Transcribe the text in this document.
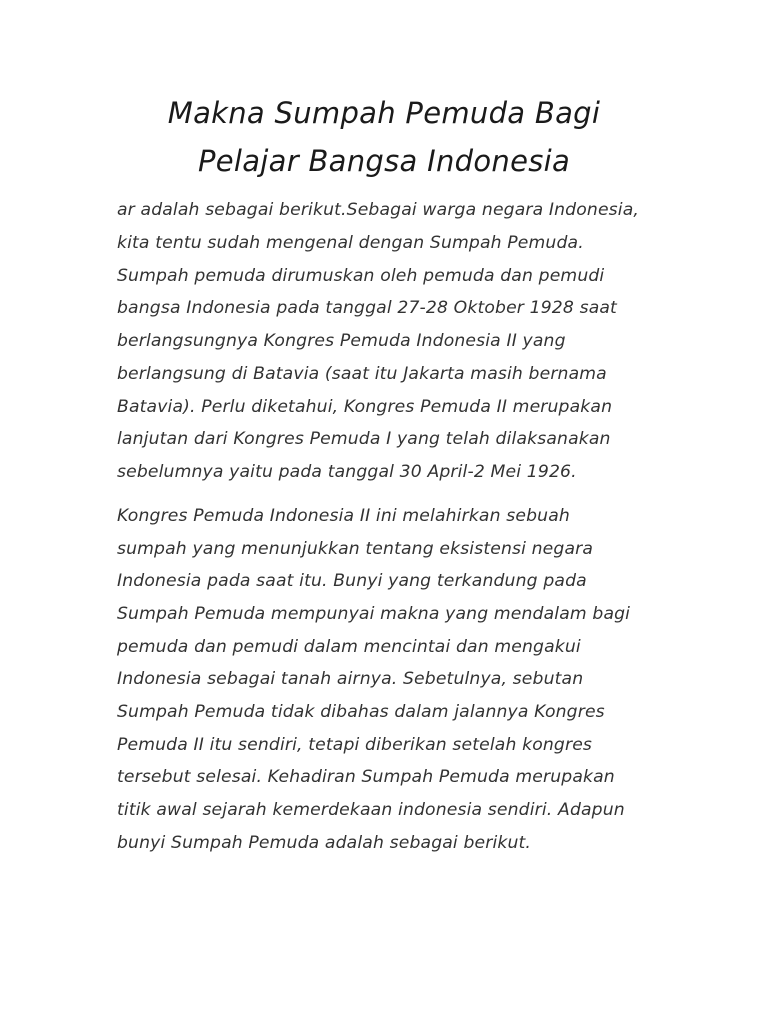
Makna Sumpah Pemuda Bagi
Pelajar Bangsa Indonesia
ar adalah sebagai berikut.Sebagai warga negara Indonesia,
kita tentu sudah mengenal dengan Sumpah Pemuda.
Sumpah pemuda dirumuskan oleh pemuda dan pemudi
bangsa Indonesia pada tanggal 27-28 Oktober 1928 saat
berlangsungnya Kongres Pemuda Indonesia II yang
berlangsung di Batavia (saat itu Jakarta masih bernama
Batavia). Perlu diketahui, Kongres Pemuda II merupakan
lanjutan dari Kongres Pemuda I yang telah dilaksanakan
sebelumnya yaitu pada tanggal 30 April-2 Mei 1926.
Kongres Pemuda Indonesia II ini melahirkan sebuah
sumpah yang menunjukkan tentang eksistensi negara
Indonesia pada saat itu. Bunyi yang terkandung pada
Sumpah Pemuda mempunyai makna yang mendalam bagi
pemuda dan pemudi dalam mencintai dan mengakui
Indonesia sebagai tanah airnya. Sebetulnya, sebutan
Sumpah Pemuda tidak dibahas dalam jalannya Kongres
Pemuda II itu sendiri, tetapi diberikan setelah kongres
tersebut selesai. Kehadiran Sumpah Pemuda merupakan
titik awal sejarah kemerdekaan indonesia sendiri. Adapun
bunyi Sumpah Pemuda adalah sebagai berikut.
